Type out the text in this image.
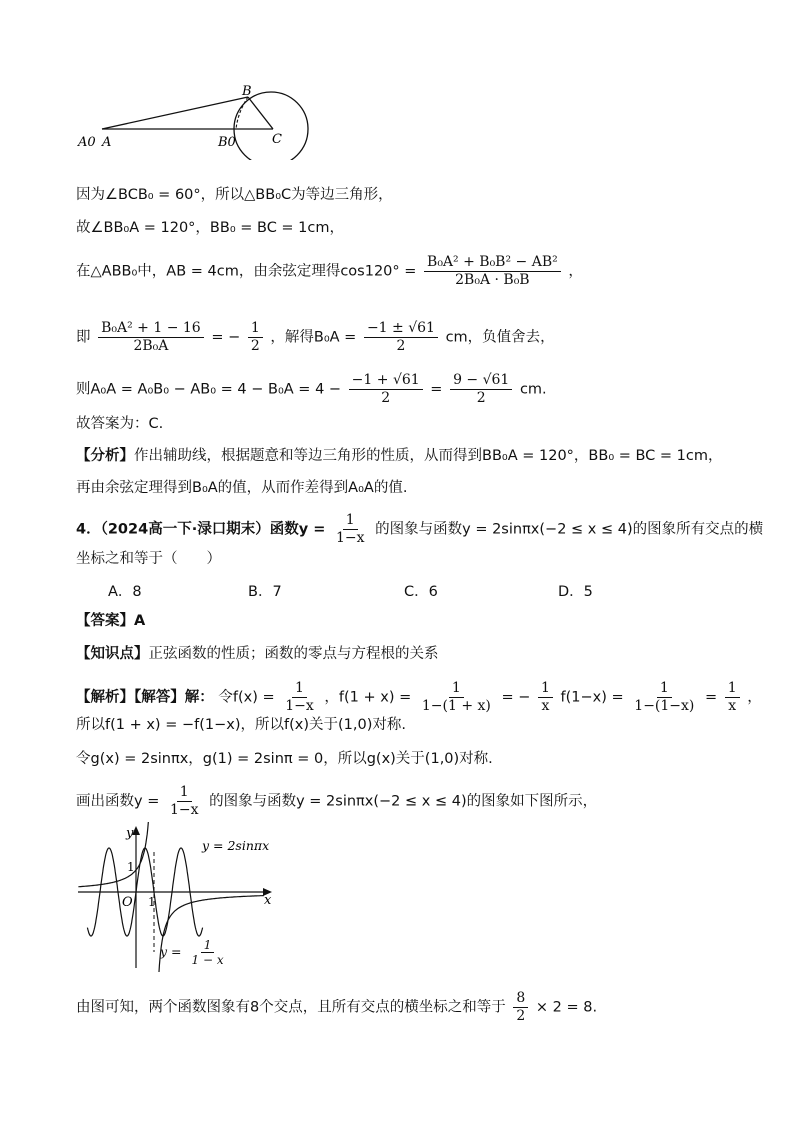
A0 A
B
B0	C
因为∠BCB₀ = 60°，所以△BB₀C为等边三角形，
故∠BB₀A = 120°，BB₀ = BC = 1cm，
在△ABB₀中，AB = 4cm，由余弦定理得$\cos 120^\circ = \frac{\text{B₀A² + B₀B² − AB²}}{\text{2B₀A · B₀B}}$ ，
即 $\frac{\text{B₀A² + 1 − 16}}{\text{2B₀A}}$ = − $\frac{1}{2}$ ，解得$B_0A = \frac{-1 \pm √61}{2}$ cm，负值舍去，
则$A_0A = A_0B_0 - AB_0 = 4 - B_0A = 4 - \frac{-1 + √61}{2} = \frac{9 - √61}{2}$ cm.
故答案为：C.
【分析】作出辅助线，根据题意和等边三角形的性质，从而得到BB₀A = 120°，BB₀ = BC = 1cm，
再由余弦定理得到B₀A的值，从而作差得到A₀A的值.
4．（2024高一下·渌口期末）函数$y = \frac{1}{1-x}$ 的图象与函数y = 2sinπx(−2 ≤ x ≤ 4)的图象所有交点的横
坐标之和等于（　　）
A．8	B．7	C．6	D．5
【答案】A
【知识点】正弦函数的性质；函数的零点与方程根的关系
【解析】【解答】解： 令$f(x) = \frac{1}{1-x}$ ，$f(1 + x) = \frac{1}{1-(1 + x)}$ = − $\frac{1}{x} f(1-x) = \frac{1}{1-(1-x)} = \frac{1}{x}$ ，
所以f(1 + x) = −f(1−x)，所以f(x)关于(1,0)对称.
令g(x) = 2sinπx，g(1) = 2sinπ = 0，所以g(x)关于(1,0)对称.
画出函数$y = \frac{1}{1-x}$ 的图象与函数y = 2sinπx(−2 ≤ x ≤ 4)的图象如下图所示，
y
x
O 1
1
y = 2sinπx
$y = \frac{1}{1 - x}$
由图可知，两个函数图象有8个交点，且所有交点的横坐标之和等于 $\frac{8}{2} \times 2 = 8$.
